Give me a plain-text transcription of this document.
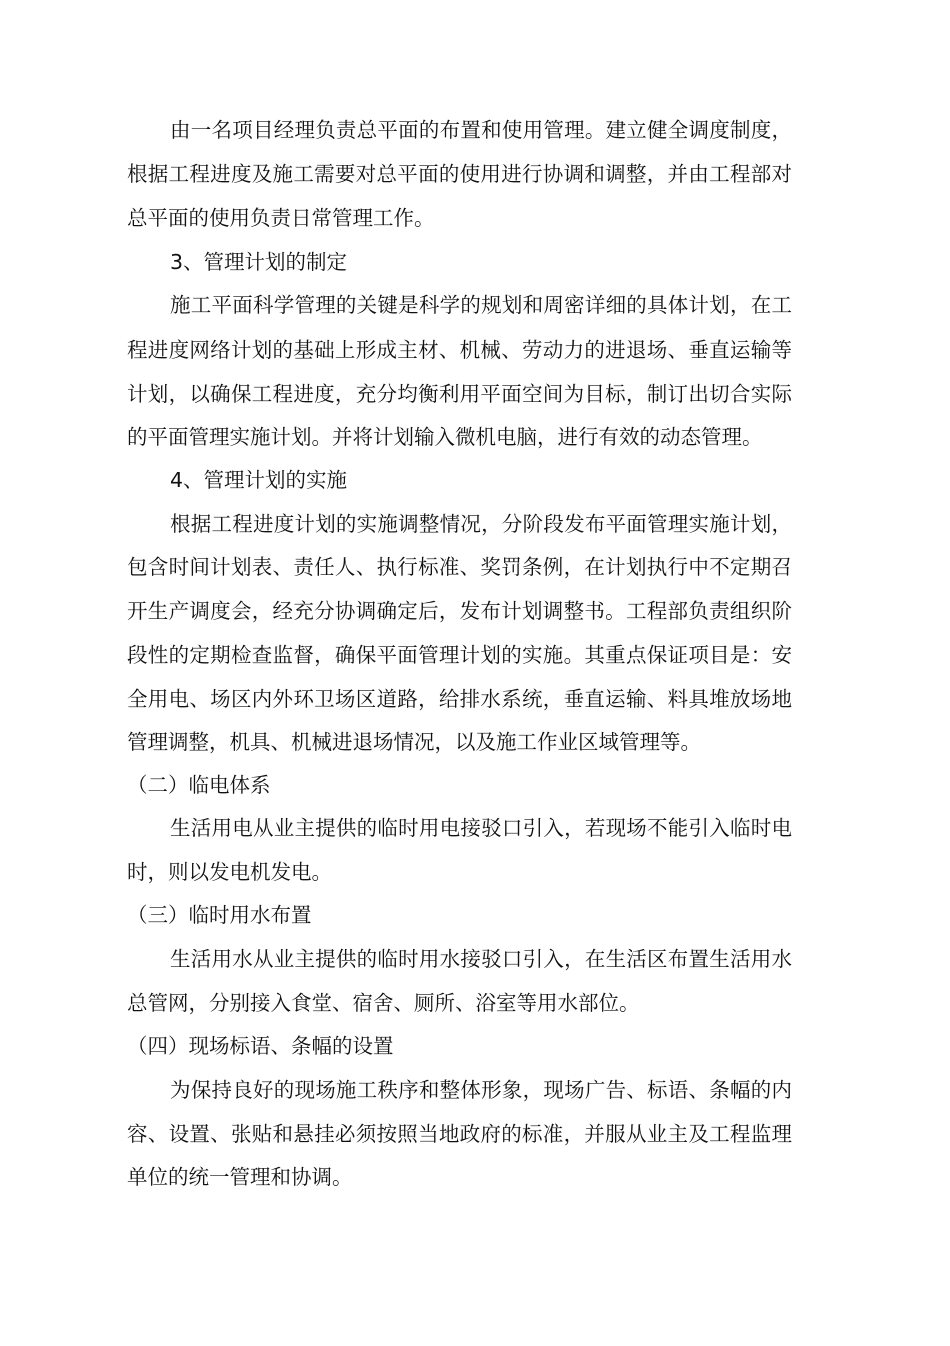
由一名项目经理负责总平面的布置和使用管理。建立健全调度制度，
根据工程进度及施工需要对总平面的使用进行协调和调整，并由工程部对
总平面的使用负责日常管理工作。
3、管理计划的制定
施工平面科学管理的关键是科学的规划和周密详细的具体计划，在工
程进度网络计划的基础上形成主材、机械、劳动力的进退场、垂直运输等
计划，以确保工程进度，充分均衡利用平面空间为目标，制订出切合实际
的平面管理实施计划。并将计划输入微机电脑，进行有效的动态管理。
4、管理计划的实施
根据工程进度计划的实施调整情况，分阶段发布平面管理实施计划，
包含时间计划表、责任人、执行标准、奖罚条例，在计划执行中不定期召
开生产调度会，经充分协调确定后，发布计划调整书。工程部负责组织阶
段性的定期检查监督，确保平面管理计划的实施。其重点保证项目是：安
全用电、场区内外环卫场区道路，给排水系统，垂直运输、料具堆放场地
管理调整，机具、机械进退场情况，以及施工作业区域管理等。
（二）临电体系
生活用电从业主提供的临时用电接驳口引入，若现场不能引入临时电
时，则以发电机发电。
（三）临时用水布置
生活用水从业主提供的临时用水接驳口引入，在生活区布置生活用水
总管网，分别接入食堂、宿舍、厕所、浴室等用水部位。
（四）现场标语、条幅的设置
为保持良好的现场施工秩序和整体形象，现场广告、标语、条幅的内
容、设置、张贴和悬挂必须按照当地政府的标准，并服从业主及工程监理
单位的统一管理和协调。
